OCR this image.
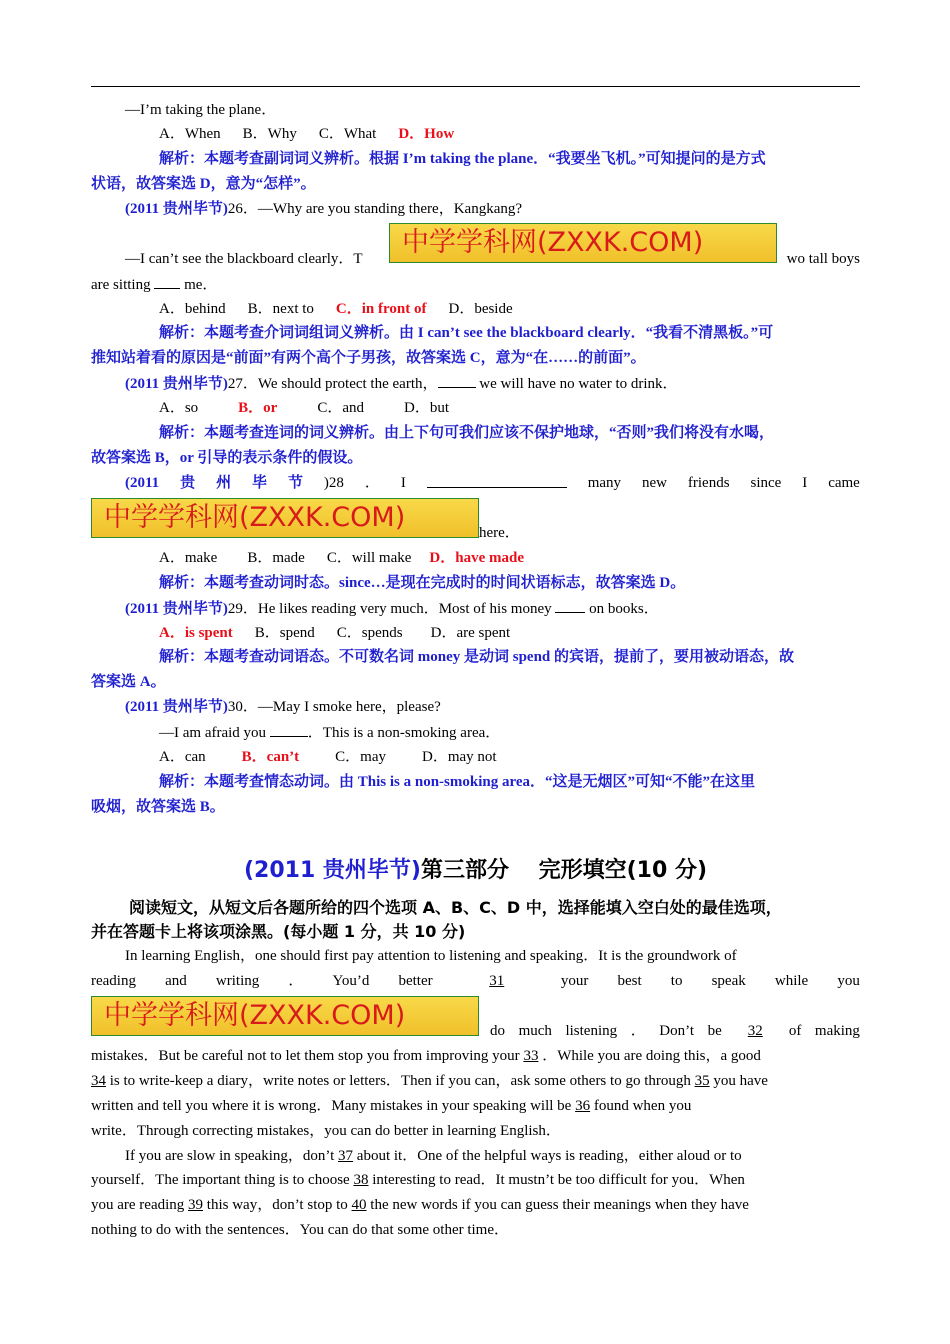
—I’m taking the plane．
A．When B．Why C．What D．How
解析：本题考查副词词义辨析。根据 I’m taking the plane．“我要坐飞机。”可知提问的是方式
状语，故答案选 D，意为“怎样”。
(2011 贵州毕节)26．—Why are you standing there，Kangkang?
—I can’t see the blackboard clearly．T	wo tall boys
中学学科网(ZXXK.COM)
are sitting me．
A．behind B．next to C．in front of D．beside
解析：本题考查介词词组词义辨析。由 I can’t see the blackboard clearly．“我看不清黑板。”可
推知站着看的原因是“前面”有两个高个子男孩，故答案选 C，意为“在……的前面”。
(2011 贵州毕节)27．We should protect the earth，	we will have no water to drink．
A．so	B．or	C．and	D．but
解析：本题考查连词的词义辨析。由上下句可我们应该不保护地球，“否则”我们将没有水喝，
故答案选 B，or 引导的表示条件的假设。
(2011 贵 州 毕 节 )28 ． I	many new friends since I came
中学学科网(ZXXK.COM)	here．
A．make B．made C．will make D．have made
解析：本题考查动词时态。since…是现在完成时的时间状语标志，故答案选 D。
(2011 贵州毕节)29．He likes reading very much．Most of his money	on books．
A．is spent B．spend C．spends D．are spent
解析：本题考查动词语态。不可数名词 money 是动词 spend 的宾语，提前了，要用被动语态，故
答案选 A。
(2011 贵州毕节)30．—May I smoke here，please?
—I am afraid you	．This is a non-smoking area．
A．can B．can’t C．may D．may not
解析：本题考查情态动词。由 This is a non-smoking area．“这是无烟区”可知“不能”在这里
吸烟，故答案选 B。
(2011 贵州毕节)第三部分　 完形填空(10 分)
阅读短文，从短文后各题所给的四个选项 A、B、C、D 中，选择能填入空白处的最佳选项，
并在答题卡上将该项涂黑。(每小题 1 分，共 10 分)
In learning English，one should first pay attention to listening and speaking．It is the groundwork of
reading and writing ． You’d better	31	your best to speak while you
中学学科网(ZXXK.COM)	do much listening ． Don’t be	32	of making
mistakes．But be careful not to let them stop you from improving your 33 ．While you are doing this，a good
34 is to write-keep a diary，write notes or letters．Then if you can，ask some others to go through 35 you have
written and tell you where it is wrong．Many mistakes in your speaking will be 36 found when you
write．Through correcting mistakes，you can do better in learning English．
If you are slow in speaking，don’t 37 about it．One of the helpful ways is reading，either aloud or to
yourself．The important thing is to choose 38 interesting to read．It mustn’t be too difficult for you．When
you are reading 39 this way，don’t stop to 40 the new words if you can guess their meanings when they have
nothing to do with the sentences．You can do that some other time．
